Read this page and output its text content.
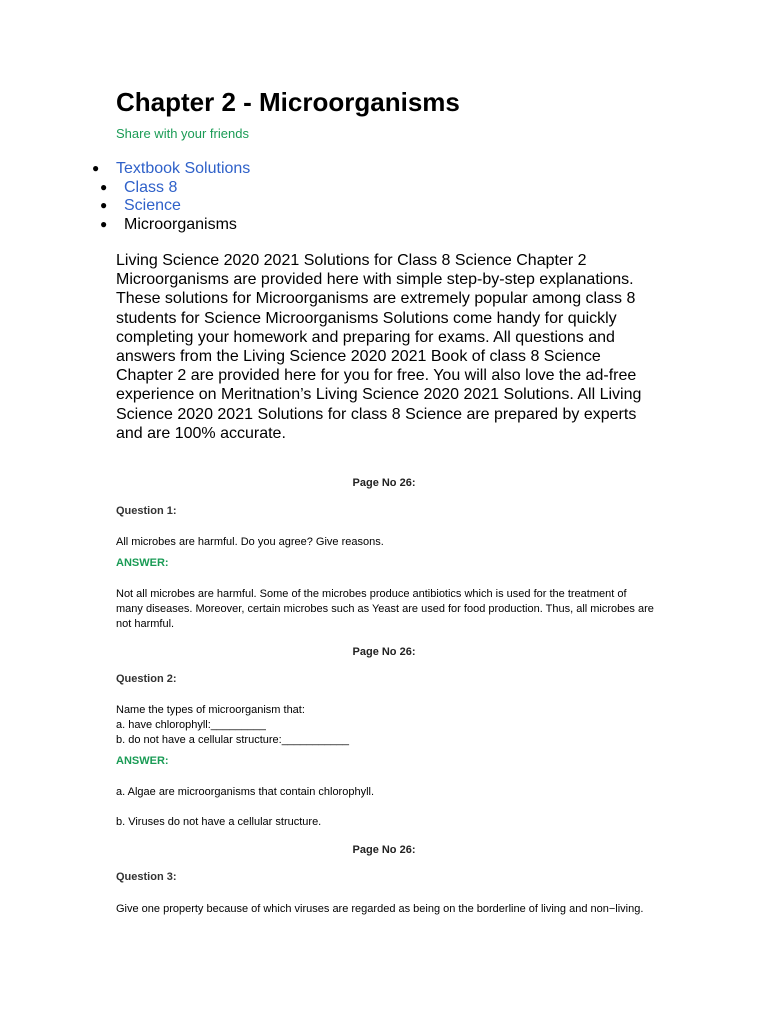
Chapter 2 - Microorganisms
Share with your friends
● Textbook Solutions
● Class 8
● Science
● Microorganisms

Living Science 2020 2021 Solutions for Class 8 Science Chapter 2 Microorganisms are provided here with simple step-by-step explanations. These solutions for Microorganisms are extremely popular among class 8 students for Science Microorganisms Solutions come handy for quickly completing your homework and preparing for exams. All questions and answers from the Living Science 2020 2021 Book of class 8 Science Chapter 2 are provided here for you for free. You will also love the ad-free experience on Meritnation’s Living Science 2020 2021 Solutions. All Living Science 2020 2021 Solutions for class 8 Science are prepared by experts and are 100% accurate.

Page No 26:
Question 1:

All microbes are harmful. Do you agree? Give reasons.

ANSWER:

Not all microbes are harmful. Some of the microbes produce antibiotics which is used for the treatment of many diseases. Moreover, certain microbes such as Yeast are used for food production. Thus, all microbes are not harmful.

Page No 26:
Question 2:

Name the types of microorganism that:

a. have chlorophyll:_________

b. do not have a cellular structure:___________

ANSWER:

a. Algae are microorganisms that contain chlorophyll.

b. Viruses do not have a cellular structure.

Page No 26:
Question 3:

Give one property because of which viruses are regarded as being on the borderline of living and non−living.
